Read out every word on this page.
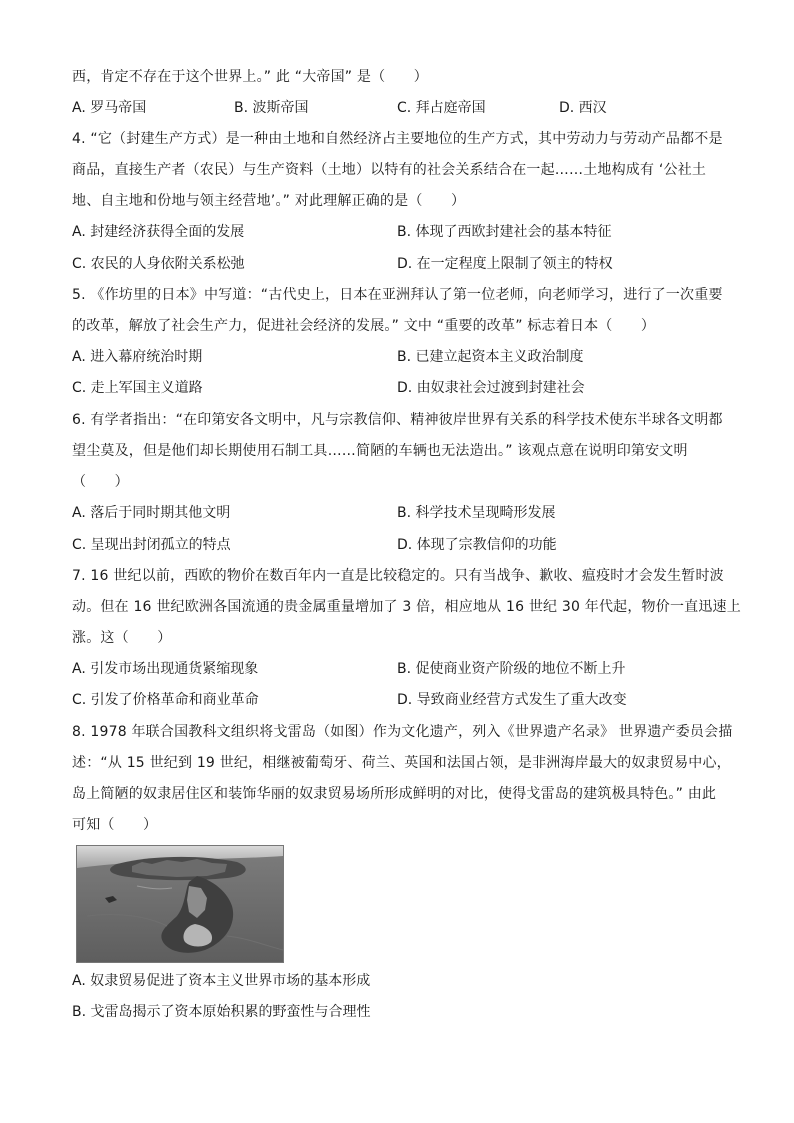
西，肯定不存在于这个世界上。” 此 “大帝国” 是（　　）
A. 罗马帝国	B. 波斯帝国	C. 拜占庭帝国	D. 西汉
4. “它（封建生产方式）是一种由土地和自然经济占主要地位的生产方式，其中劳动力与劳动产品都不是
商品，直接生产者（农民）与生产资料（土地）以特有的社会关系结合在一起……土地构成有 ‘公社土
地、自主地和份地与领主经营地’。” 对此理解正确的是（　　）
A. 封建经济获得全面的发展	B. 体现了西欧封建社会的基本特征
C. 农民的人身依附关系松弛	D. 在一定程度上限制了领主的特权
5. 《作坊里的日本》中写道：“古代史上，日本在亚洲拜认了第一位老师，向老师学习，进行了一次重要
的改革，解放了社会生产力，促进社会经济的发展。” 文中 “重要的改革” 标志着日本（　　）
A. 进入幕府统治时期	B. 已建立起资本主义政治制度
C. 走上军国主义道路	D. 由奴隶社会过渡到封建社会
6. 有学者指出：“在印第安各文明中，凡与宗教信仰、精神彼岸世界有关系的科学技术使东半球各文明都
望尘莫及，但是他们却长期使用石制工具……简陋的车辆也无法造出。” 该观点意在说明印第安文明
（　　）
A. 落后于同时期其他文明	B. 科学技术呈现畸形发展
C. 呈现出封闭孤立的特点	D. 体现了宗教信仰的功能
7. 16 世纪以前，西欧的物价在数百年内一直是比较稳定的。只有当战争、歉收、瘟疫时才会发生暂时波
动。但在 16 世纪欧洲各国流通的贵金属重量增加了 3 倍，相应地从 16 世纪 30 年代起，物价一直迅速上
涨。这（　　）
A. 引发市场出现通货紧缩现象	B. 促使商业资产阶级的地位不断上升
C. 引发了价格革命和商业革命	D. 导致商业经营方式发生了重大改变
8. 1978 年联合国教科文组织将戈雷岛（如图）作为文化遗产，列入《世界遗产名录》 世界遗产委员会描
述：“从 15 世纪到 19 世纪，相继被葡萄牙、荷兰、英国和法国占领，是非洲海岸最大的奴隶贸易中心，
岛上简陋的奴隶居住区和装饰华丽的奴隶贸易场所形成鲜明的对比，使得戈雷岛的建筑极具特色。” 由此
可知（　　）
A. 奴隶贸易促进了资本主义世界市场的基本形成
B. 戈雷岛揭示了资本原始积累的野蛮性与合理性
